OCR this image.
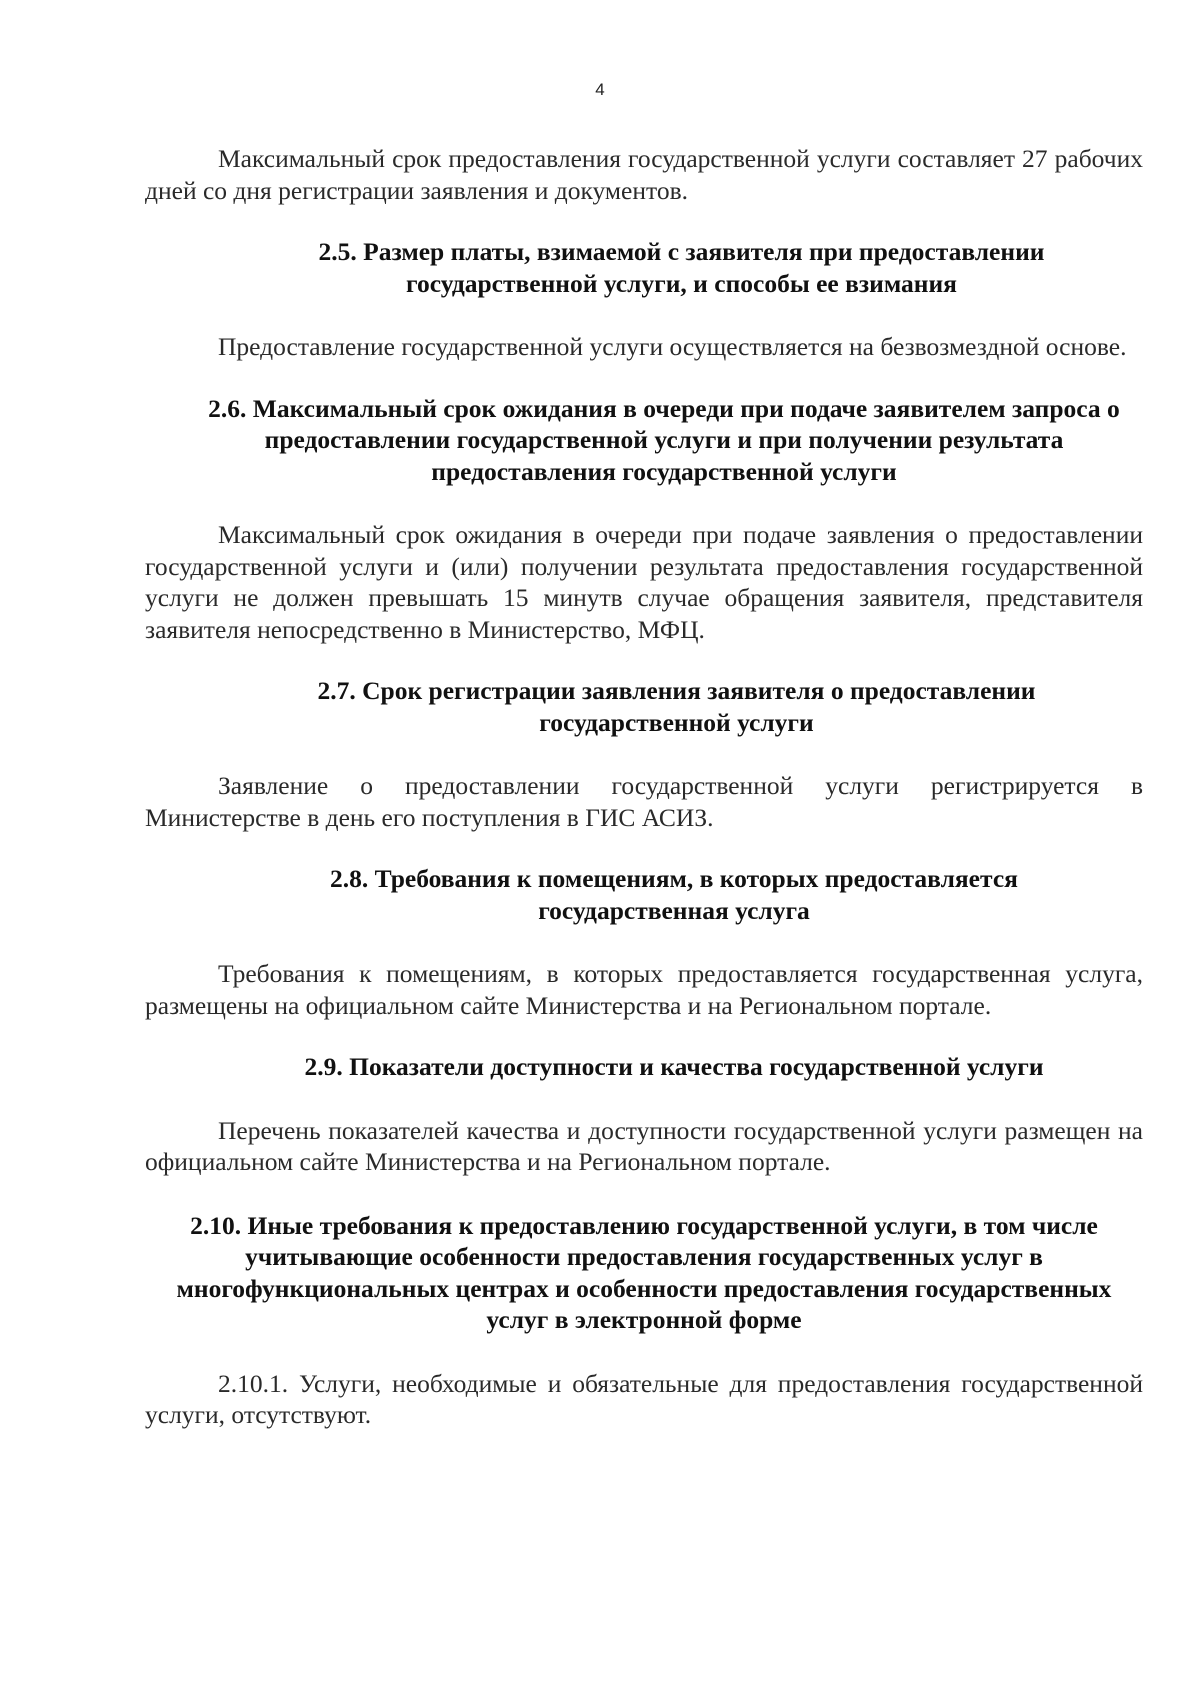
4

Максимальный срок предоставления государственной услуги составляет 27 рабочих дней со дня регистрации заявления и документов.

2.5. Размер платы, взимаемой с заявителя при предоставлении государственной услуги, и способы ее взимания

Предоставление государственной услуги осуществляется на безвозмездной основе.

2.6. Максимальный срок ожидания в очереди при подаче заявителем запроса о предоставлении государственной услуги и при получении результата предоставления государственной услуги

Максимальный срок ожидания в очереди при подаче заявления о предоставлении государственной услуги и (или) получении результата предоставления государственной услуги не должен превышать 15 минутв случае обращения заявителя, представителя заявителя непосредственно в Министерство, МФЦ.

2.7. Срок регистрации заявления заявителя о предоставлении государственной услуги

Заявление о предоставлении государственной услуги регистрируется в Министерстве в день его поступления в ГИС АСИЗ.

2.8. Требования к помещениям, в которых предоставляется государственная услуга

Требования к помещениям, в которых предоставляется государственная услуга, размещены на официальном сайте Министерства и на Региональном портале.

2.9. Показатели доступности и качества государственной услуги

Перечень показателей качества и доступности государственной услуги размещен на официальном сайте Министерства и на Региональном портале.

2.10. Иные требования к предоставлению государственной услуги, в том числе учитывающие особенности предоставления государственных услуг в многофункциональных центрах и особенности предоставления государственных услуг в электронной форме

2.10.1. Услуги, необходимые и обязательные для предоставления государственной услуги, отсутствуют.
